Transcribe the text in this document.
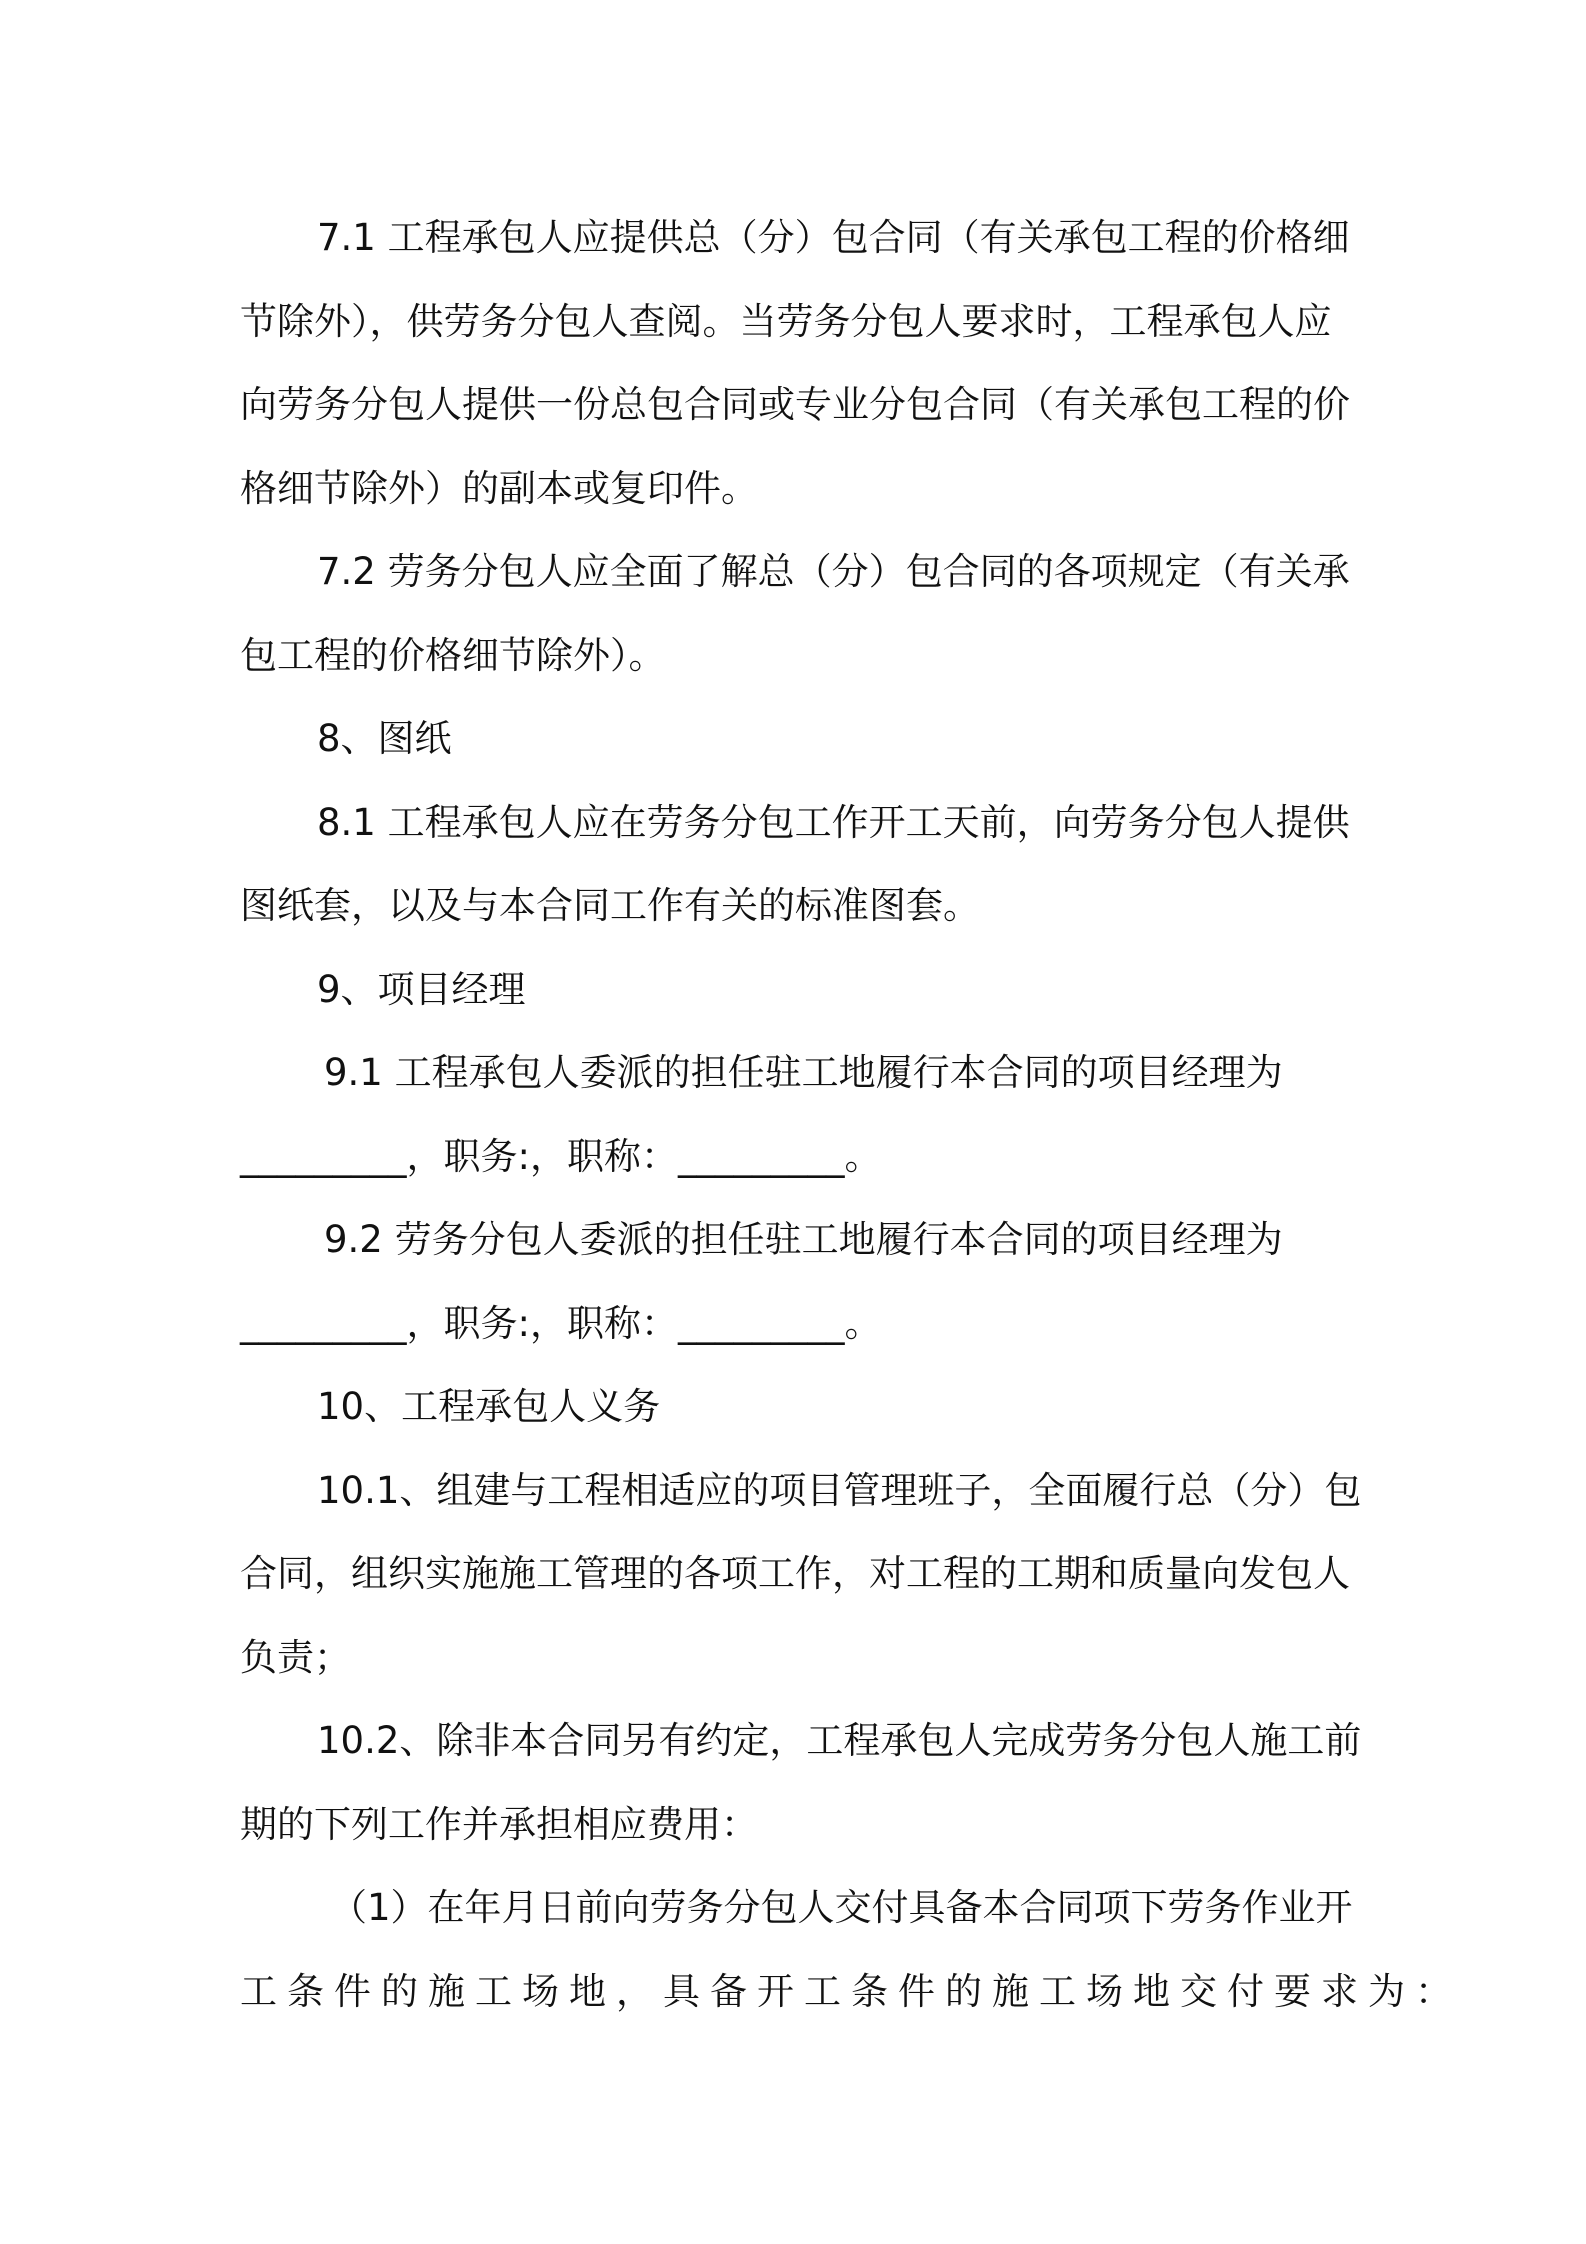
7.1 工程承包人应提供总（分）包合同（有关承包工程的价格细
节除外），供劳务分包人查阅。当劳务分包人要求时，工程承包人应
向劳务分包人提供一份总包合同或专业分包合同（有关承包工程的价
格细节除外）的副本或复印件。
7.2 劳务分包人应全面了解总（分）包合同的各项规定（有关承
包工程的价格细节除外）。
8、图纸
8.1 工程承包人应在劳务分包工作开工天前，向劳务分包人提供
图纸套，以及与本合同工作有关的标准图套。
9、项目经理
9.1 工程承包人委派的担任驻工地履行本合同的项目经理为
_________，职务:，职称：_________。
9.2 劳务分包人委派的担任驻工地履行本合同的项目经理为
_________，职务:，职称：_________。
10、工程承包人义务
10.1、组建与工程相适应的项目管理班子，全面履行总（分）包
合同，组织实施施工管理的各项工作，对工程的工期和质量向发包人
负责；
10.2、除非本合同另有约定，工程承包人完成劳务分包人施工前
期的下列工作并承担相应费用：
（1）在年月日前向劳务分包人交付具备本合同项下劳务作业开
工条件的施工场地，具备开工条件的施工场地交付要求为：
